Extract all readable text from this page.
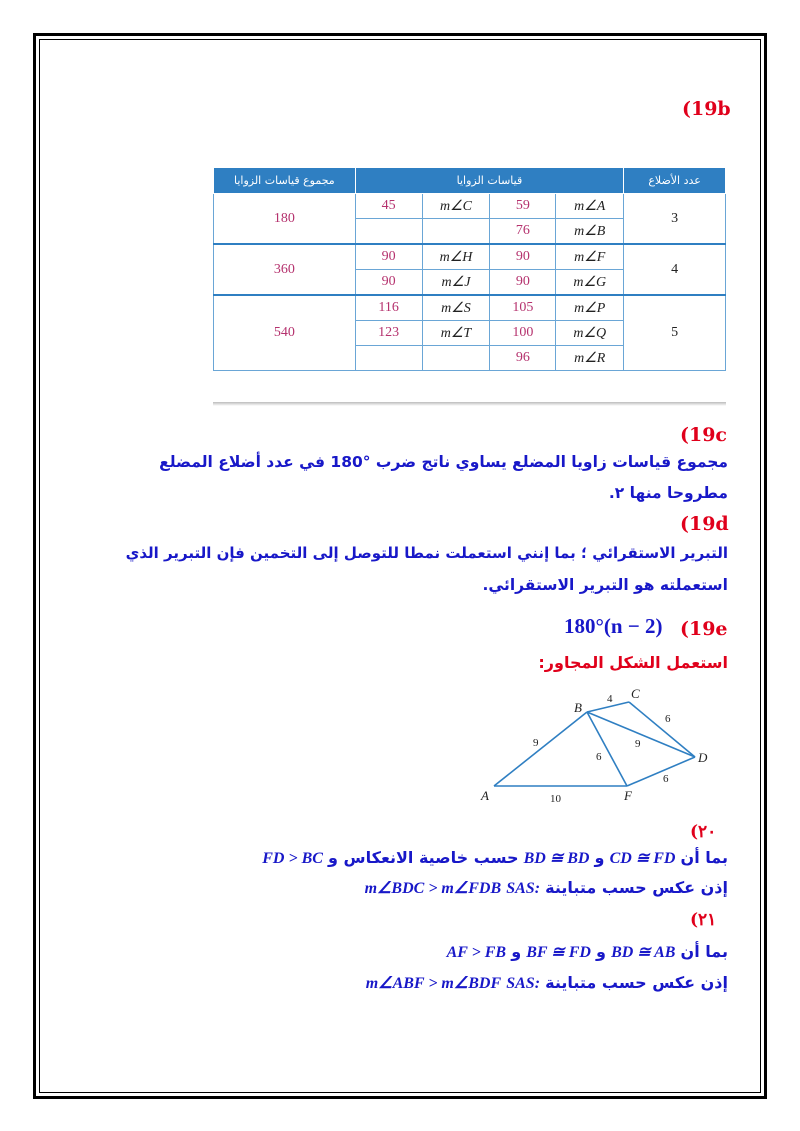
(19b
مجموع قياسات الزوايا	قياسات الزوايا				عدد الأضلاع
180	45	m∠C	59	m∠A	3
			76	m∠B	
360	90	m∠H	90	m∠F	4
	90	m∠J	90	m∠G	
540	116	m∠S	105	m∠P	5
	123	m∠T	100	m∠Q	
			96	m∠R	
(19c
مجموع قياسات زاويا المضلع يساوي ناتج ضرب °180 في عدد أضلاع المضلع
مطروحا منها ٢.
(19d
التبرير الاستقرائي ؛ بما إنني استعملت نمطا للتوصل إلى التخمين فإن التبرير الذي
استعملته هو التبرير الاستقرائي.
(19e
180°(n − 2)
استعمل الشكل المجاور:
A
B
C
D
F
9
4
6
9
6
6
10
(٢٠
بما أن CD ≅ FD و BD ≅ BD حسب خاصية الانعكاس و FD > BC
إذن عكس حسب متباينة SAS: m∠BDC > m∠FDB
(٢١
بما أن BD ≅ AB و BF ≅ FD و AF > FB
إذن عكس حسب متباينة SAS: m∠ABF > m∠BDF
